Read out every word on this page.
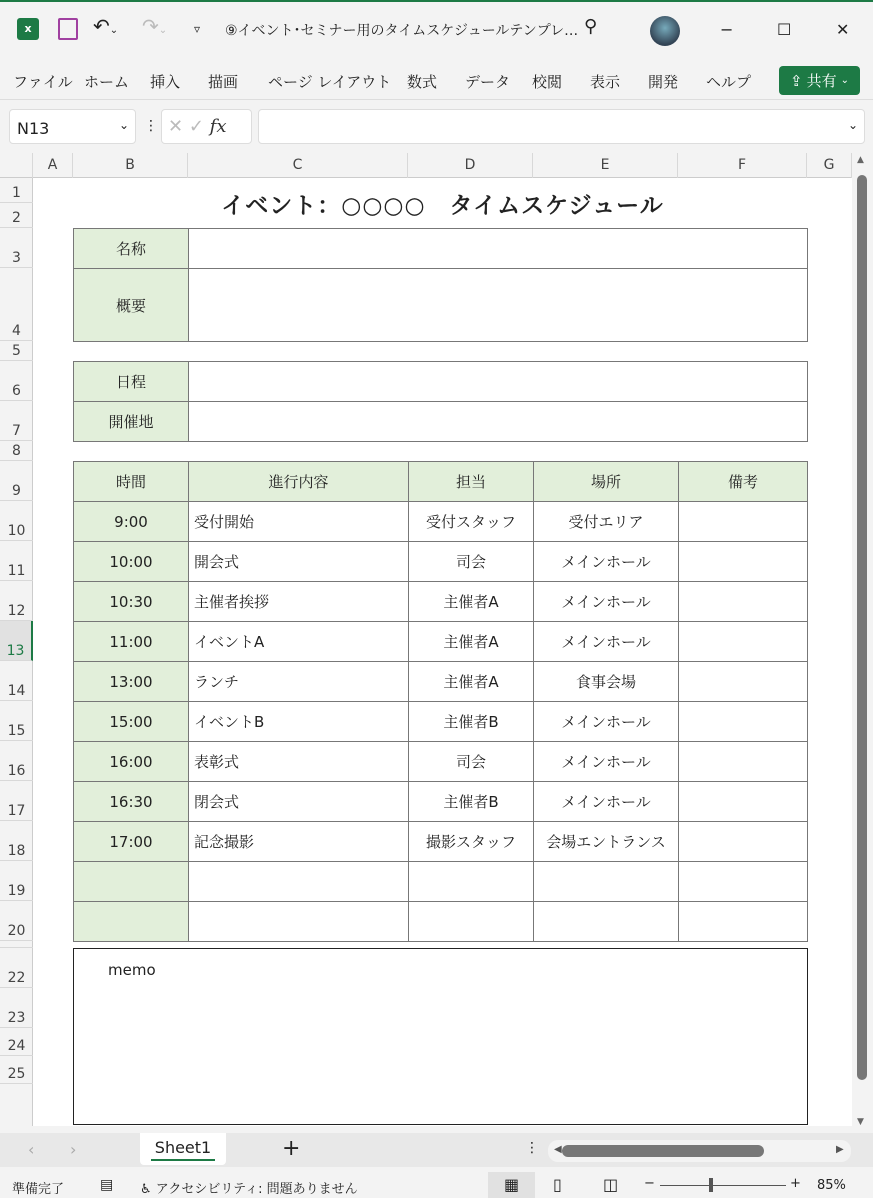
x	↶⌄ ↷⌄ ▿ ⑨イベント･セミナー用のタイムスケジュールテンプレ… ⚲	−	☐	✕
ファイル ホーム 挿入 描画 ページ レイアウト 数式 データ 校閲 表示 開発 ヘルプ	⇪ 共有 ⌄
N13	⌄ ⋮ ✕ ✓ fx	⌄
A	B	C	D	E	F	G
1
2
3
4
5
6
7
8
9
10
11
12
13
14
15
16
17
18
19
20
22
23
24
25
イベント：○○○○　タイムスケジュール
名称
概要
日程
開催地
時間	進行内容	担当	場所	備考
9:00	受付開始	受付スタッフ	受付エリア
10:00	開会式	司会	メインホール
10:30	主催者挨拶	主催者A	メインホール
11:00	イベントA	主催者A	メインホール
13:00	ランチ	主催者A	食事会場
15:00	イベントB	主催者B	メインホール
16:00	表彰式	司会	メインホール
16:30	閉会式	主催者B	メインホール
17:00	記念撮影	撮影スタッフ	会場エントランス
memo
▲
▼
‹ ›	Sheet1	+	⋮ ◀	▶
準備完了	▤ ♿ アクセシビリティ: 問題ありません	▦	▯	◫ −	+ 85%
